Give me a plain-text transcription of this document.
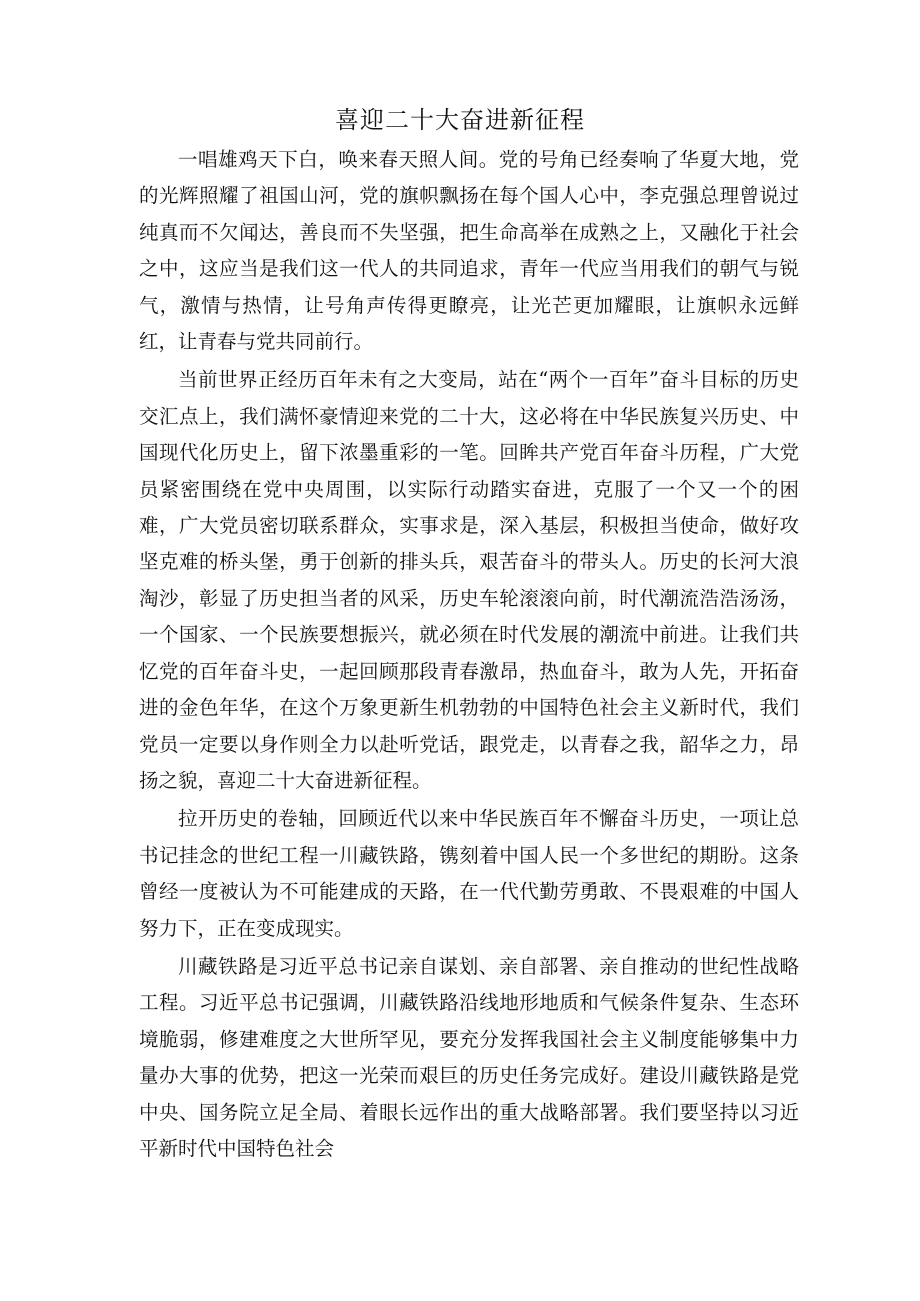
喜迎二十大奋进新征程

一唱雄鸡天下白，唤来春天照人间。党的号角已经奏响了华夏大地，党的光辉照耀了祖国山河，党的旗帜飘扬在每个国人心中，李克强总理曾说过纯真而不欠闻达，善良而不失坚强，把生命高举在成熟之上，又融化于社会之中，这应当是我们这一代人的共同追求，青年一代应当用我们的朝气与锐气，激情与热情，让号角声传得更瞭亮，让光芒更加耀眼，让旗帜永远鲜红，让青春与党共同前行。

当前世界正经历百年未有之大变局，站在“两个一百年”奋斗目标的历史交汇点上，我们满怀豪情迎来党的二十大，这必将在中华民族复兴历史、中国现代化历史上，留下浓墨重彩的一笔。回眸共产党百年奋斗历程，广大党员紧密围绕在党中央周围，以实际行动踏实奋进，克服了一个又一个的困难，广大党员密切联系群众，实事求是，深入基层，积极担当使命，做好攻坚克难的桥头堡，勇于创新的排头兵，艰苦奋斗的带头人。历史的长河大浪淘沙，彰显了历史担当者的风采，历史车轮滚滚向前，时代潮流浩浩汤汤，一个国家、一个民族要想振兴，就必须在时代发展的潮流中前进。让我们共忆党的百年奋斗史，一起回顾那段青春激昂，热血奋斗，敢为人先，开拓奋进的金色年华，在这个万象更新生机勃勃的中国特色社会主义新时代，我们党员一定要以身作则全力以赴听党话，跟党走，以青春之我，韶华之力，昂扬之貌，喜迎二十大奋进新征程。

拉开历史的卷轴，回顾近代以来中华民族百年不懈奋斗历史，一项让总书记挂念的世纪工程一川藏铁路，镌刻着中国人民一个多世纪的期盼。这条曾经一度被认为不可能建成的天路，在一代代勤劳勇敢、不畏艰难的中国人努力下，正在变成现实。

川藏铁路是习近平总书记亲自谋划、亲自部署、亲自推动的世纪性战略工程。习近平总书记强调，川藏铁路沿线地形地质和气候条件复杂、生态环境脆弱，修建难度之大世所罕见，要充分发挥我国社会主义制度能够集中力量办大事的优势，把这一光荣而艰巨的历史任务完成好。建设川藏铁路是党中央、国务院立足全局、着眼长远作出的重大战略部署。我们要坚持以习近平新时代中国特色社会
